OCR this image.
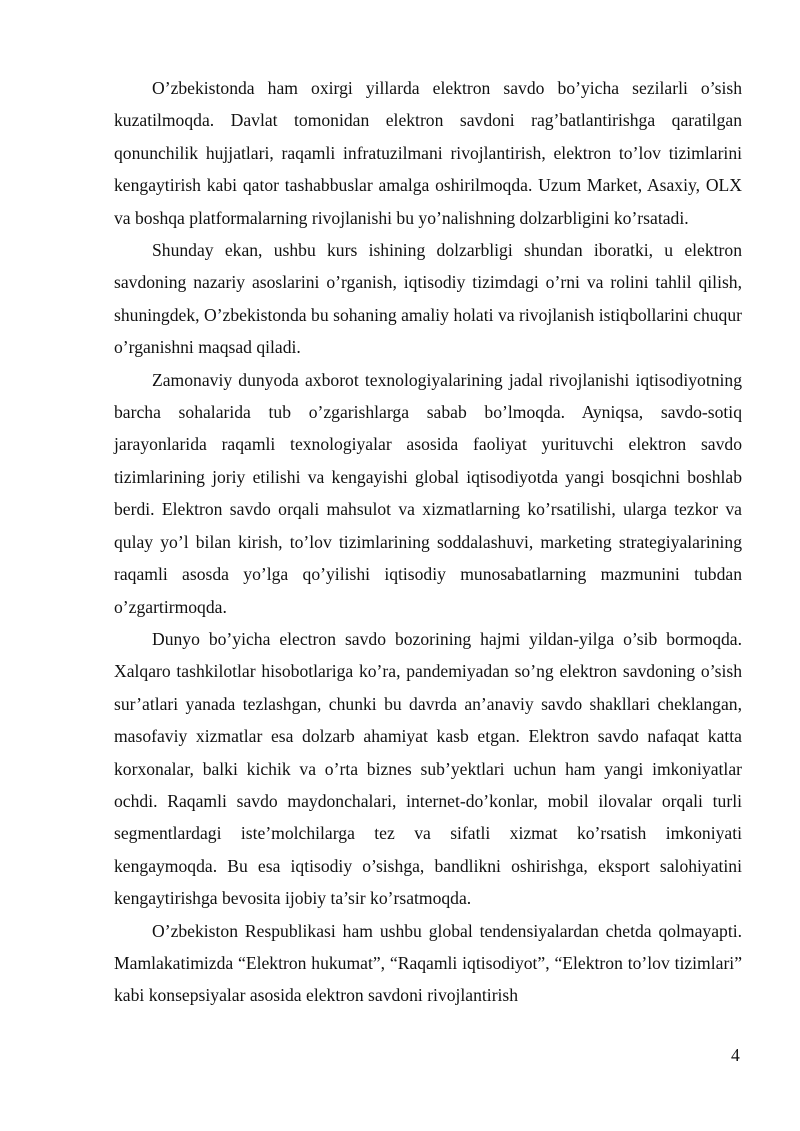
O’zbekistonda ham oxirgi yillarda elektron savdo bo’yicha sezilarli o’sish kuzatilmoqda. Davlat tomonidan elektron savdoni rag’batlantirishga qaratilgan qonunchilik hujjatlari, raqamli infratuzilmani rivojlantirish, elektron to’lov tizimlarini kengaytirish kabi qator tashabbuslar amalga oshirilmoqda. Uzum Market, Asaxiy, OLX va boshqa platformalarning rivojlanishi bu yo’nalishning dolzarbligini ko’rsatadi.

Shunday ekan, ushbu kurs ishining dolzarbligi shundan iboratki, u elektron savdoning nazariy asoslarini o’rganish, iqtisodiy tizimdagi o’rni va rolini tahlil qilish, shuningdek, O’zbekistonda bu sohaning amaliy holati va rivojlanish istiqbollarini chuqur o’rganishni maqsad qiladi.

Zamonaviy dunyoda axborot texnologiyalarining jadal rivojlanishi iqtisodiyotning barcha sohalarida tub o’zgarishlarga sabab bo’lmoqda. Ayniqsa, savdo-sotiq jarayonlarida raqamli texnologiyalar asosida faoliyat yurituvchi elektron savdo tizimlarining joriy etilishi va kengayishi global iqtisodiyotda yangi bosqichni boshlab berdi. Elektron savdo orqali mahsulot va xizmatlarning ko’rsatilishi, ularga tezkor va qulay yo’l bilan kirish, to’lov tizimlarining soddalashuvi, marketing strategiyalarining raqamli asosda yo’lga qo’yilishi iqtisodiy munosabatlarning mazmunini tubdan o’zgartirmoqda.

Dunyo bo’yicha electron savdo bozorining hajmi yildan-yilga o’sib bormoqda. Xalqaro tashkilotlar hisobotlariga ko’ra, pandemiyadan so’ng elektron savdoning o’sish sur’atlari yanada tezlashgan, chunki bu davrda an’anaviy savdo shakllari cheklangan, masofaviy xizmatlar esa dolzarb ahamiyat kasb etgan. Elektron savdo nafaqat katta korxonalar, balki kichik va o’rta biznes sub’yektlari uchun ham yangi imkoniyatlar ochdi. Raqamli savdo maydonchalari, internet-do’konlar, mobil ilovalar orqali turli segmentlardagi iste’molchilarga tez va sifatli xizmat ko’rsatish imkoniyati kengaymoqda. Bu esa iqtisodiy o’sishga, bandlikni oshirishga, eksport salohiyatini kengaytirishga bevosita ijobiy ta’sir ko’rsatmoqda.

O’zbekiston Respublikasi ham ushbu global tendensiyalardan chetda qolmayapti. Mamlakatimizda “Elektron hukumat”, “Raqamli iqtisodiyot”, “Elektron to’lov tizimlari” kabi konsepsiyalar asosida elektron savdoni rivojlantirish

4
